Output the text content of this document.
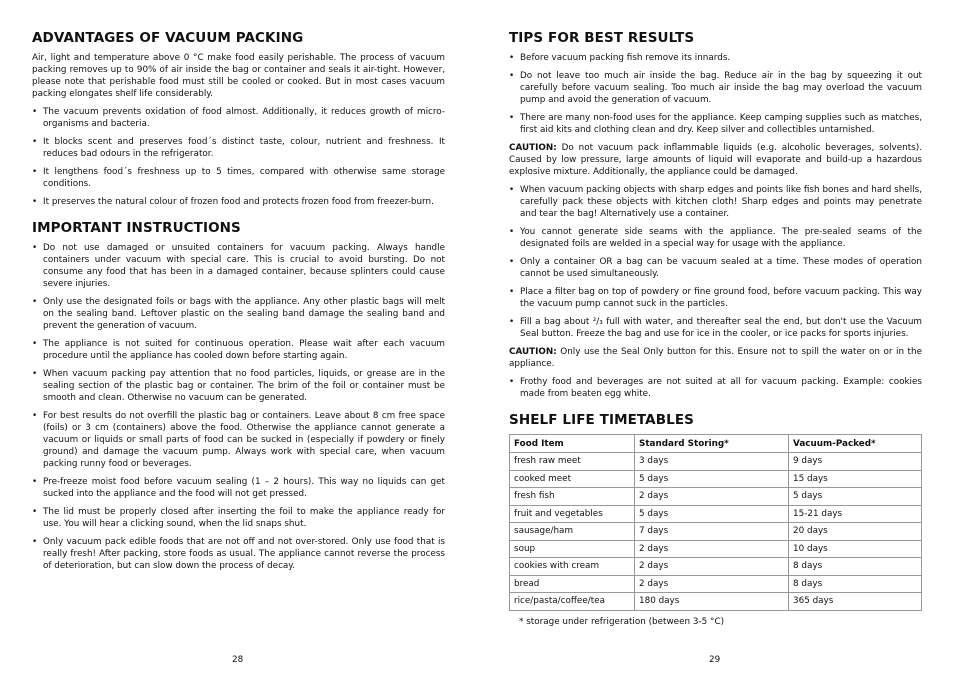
ADVANTAGES OF VACUUM PACKING

Air, light and temperature above 0 °C make food easily perishable. The process of vacuum packing removes up to 90% of air inside the bag or container and seals it air-tight. However, please note that perishable food must still be cooled or cooked. But in most cases vacuum packing elongates shelf life considerably.

• The vacuum prevents oxidation of food almost. Additionally, it reduces growth of micro-organisms and bacteria.
• It blocks scent and preserves food´s distinct taste, colour, nutrient and freshness. It reduces bad odours in the refrigerator.
• It lengthens food´s freshness up to 5 times, compared with otherwise same storage conditions.
• It preserves the natural colour of frozen food and protects frozen food from freezer-burn.
IMPORTANT INSTRUCTIONS
• Do not use damaged or unsuited containers for vacuum packing. Always handle containers under vacuum with special care. This is crucial to avoid bursting. Do not consume any food that has been in a damaged container, because splinters could cause severe injuries.
• Only use the designated foils or bags with the appliance. Any other plastic bags will melt on the sealing band. Leftover plastic on the sealing band damage the sealing band and prevent the generation of vacuum.
• The appliance is not suited for continuous operation. Please wait after each vacuum procedure until the appliance has cooled down before starting again.
• When vacuum packing pay attention that no food particles, liquids, or grease are in the sealing section of the plastic bag or container. The brim of the foil or container must be smooth and clean. Otherwise no vacuum can be generated.
• For best results do not overfill the plastic bag or containers. Leave about 8 cm free space (foils) or 3 cm (containers) above the food. Otherwise the appliance cannot generate a vacuum or liquids or small parts of food can be sucked in (especially if powdery or finely ground) and damage the vacuum pump. Always work with special care, when vacuum packing runny food or beverages.
• Pre-freeze moist food before vacuum sealing (1 – 2 hours). This way no liquids can get sucked into the appliance and the food will not get pressed.
• The lid must be properly closed after inserting the foil to make the appliance ready for use. You will hear a clicking sound, when the lid snaps shut.
• Only vacuum pack edible foods that are not off and not over-stored. Only use food that is really fresh! After packing, store foods as usual. The appliance cannot reverse the process of deterioration, but can slow down the process of decay.
28
TIPS FOR BEST RESULTS
• Before vacuum packing fish remove its innards.
• Do not leave too much air inside the bag. Reduce air in the bag by squeezing it out carefully before vacuum sealing. Too much air inside the bag may overload the vacuum pump and avoid the generation of vacuum.
• There are many non-food uses for the appliance. Keep camping supplies such as matches, first aid kits and clothing clean and dry. Keep silver and collectibles untarnished.

CAUTION: Do not vacuum pack inflammable liquids (e.g. alcoholic beverages, solvents). Caused by low pressure, large amounts of liquid will evaporate and build-up a hazardous explosive mixture. Additionally, the appliance could be damaged.

• When vacuum packing objects with sharp edges and points like fish bones and hard shells, carefully pack these objects with kitchen cloth! Sharp edges and points may penetrate and tear the bag! Alternatively use a container.
• You cannot generate side seams with the appliance. The pre-sealed seams of the designated foils are welded in a special way for usage with the appliance.
• Only a container OR a bag can be vacuum sealed at a time. These modes of operation cannot be used simultaneously.
• Place a filter bag on top of powdery or fine ground food, before vacuum packing. This way the vacuum pump cannot suck in the particles.
• Fill a bag about ²/₃ full with water, and thereafter seal the end, but don't use the Vacuum Seal button. Freeze the bag and use for ice in the cooler, or ice packs for sports injuries.

CAUTION: Only use the Seal Only button for this. Ensure not to spill the water on or in the appliance.

• Frothy food and beverages are not suited at all for vacuum packing. Example: cookies made from beaten egg white.
SHELF LIFE TIMETABLES
Food Item	Standard Storing*	Vacuum-Packed*
fresh raw meet	3 days	9 days
cooked meet	5 days	15 days
fresh fish	2 days	5 days
fruit and vegetables	5 days	15-21 days
sausage/ham	7 days	20 days
soup	2 days	10 days
cookies with cream	2 days	8 days
bread	2 days	8 days
rice/pasta/coffee/tea	180 days	365 days
* storage under refrigeration (between 3-5 °C)
29
